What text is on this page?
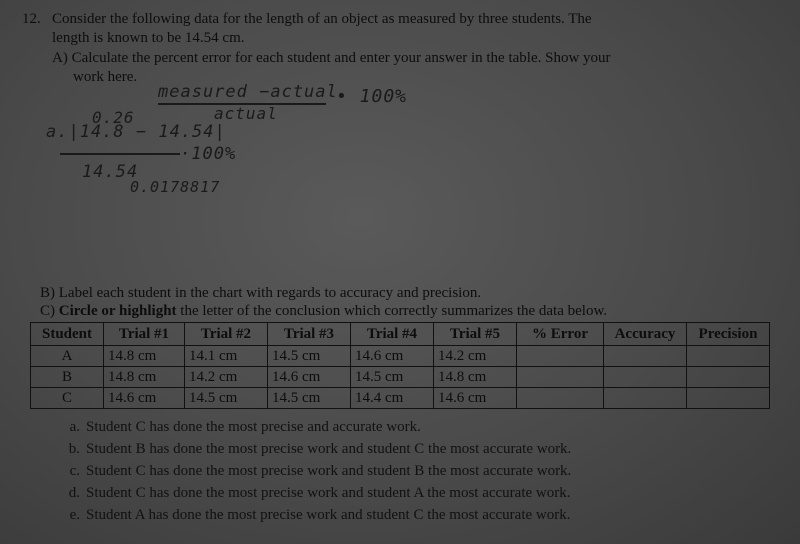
12. Consider the following data for the length of an object as measured by three students. The
length is known to be 14.54 cm.
A) Calculate the percent error for each student and enter your answer in the table. Show your
work here.
measured −actual
actual
• 100%
0.26
a.|14.8 − 14.54|
·100%
14.54
0.0178817
B) Label each student in the chart with regards to accuracy and precision.
C) Circle or highlight the letter of the conclusion which correctly summarizes the data below.
Student	Trial #1	Trial #2	Trial #3	Trial #4	Trial #5	% Error	Accuracy	Precision
A	14.8 cm	14.1 cm	14.5 cm	14.6 cm	14.2 cm			
B	14.8 cm	14.2 cm	14.6 cm	14.5 cm	14.8 cm			
C	14.6 cm	14.5 cm	14.5 cm	14.4 cm	14.6 cm			
a. Student C has done the most precise and accurate work.
b. Student B has done the most precise work and student C the most accurate work.
c. Student C has done the most precise work and student B the most accurate work.
d. Student C has done the most precise work and student A the most accurate work.
e. Student A has done the most precise work and student C the most accurate work.
